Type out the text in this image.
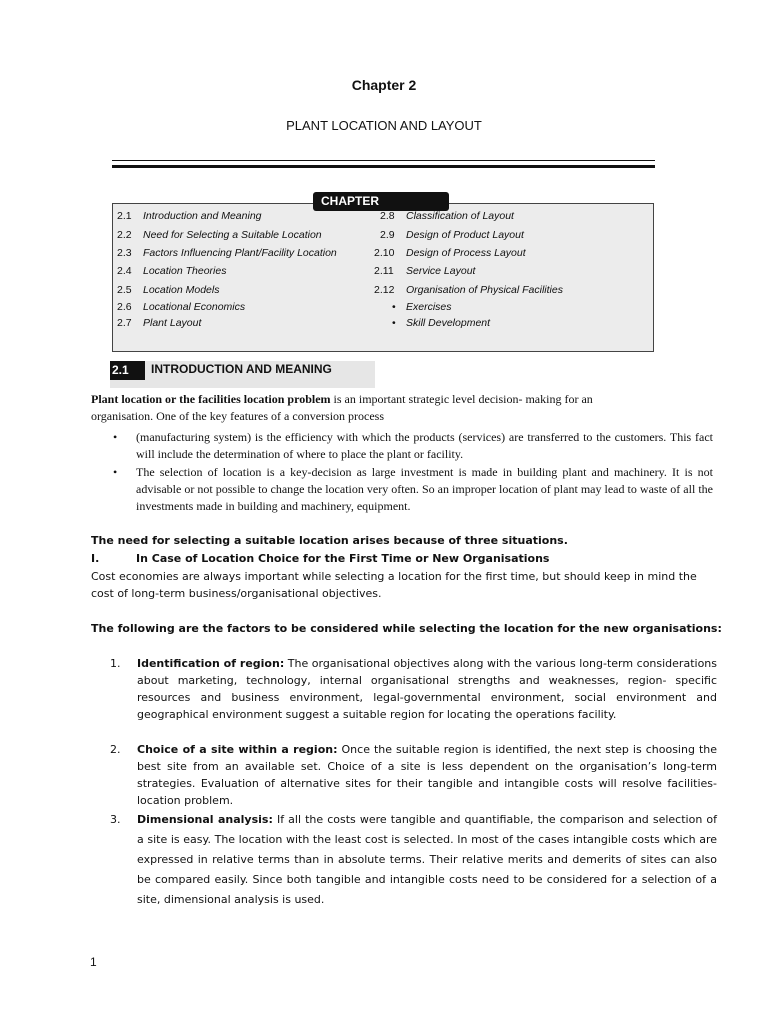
Chapter 2
PLANT LOCATION AND LAYOUT
CHAPTER
2.1 Introduction and Meaning
2.2 Need for Selecting a Suitable Location
2.3 Factors Influencing Plant/Facility Location
2.4 Location Theories
2.5 Location Models
2.6 Locational Economics
2.7 Plant Layout
2.8 Classification of Layout
2.9 Design of Product Layout
2.10 Design of Process Layout
2.11 Service Layout
2.12 Organisation of Physical Facilities
• Exercises
• Skill Development
2.1	INTRODUCTION AND MEANING
Plant location or the facilities location problem is an important strategic level decision- making for an
organisation. One of the key features of a conversion process
• (manufacturing system) is the efficiency with which the products (services) are transferred to the customers. This fact will include the determination of where to place the plant or facility.
• The selection of location is a key-decision as large investment is made in building plant and machinery. It is not advisable or not possible to change the location very often. So an improper location of plant may lead to waste of all the investments made in building and machinery, equipment.
The need for selecting a suitable location arises because of three situations.
I.	In Case of Location Choice for the First Time or New Organisations
Cost economies are always important while selecting a location for the first time, but should keep in mind the cost of long-term business/organisational objectives.
The following are the factors to be considered while selecting the location for the new organisations:
1. Identification of region: The organisational objectives along with the various long-term considerations about marketing, technology, internal organisational strengths and weaknesses, region- specific resources and business environment, legal-governmental environment, social environment and geographical environment suggest a suitable region for locating the operations facility.
2. Choice of a site within a region: Once the suitable region is identified, the next step is choosing the best site from an available set. Choice of a site is less dependent on the organisation’s long-term strategies. Evaluation of alternative sites for their tangible and intangible costs will resolve facilities-location problem.
3. Dimensional analysis: If all the costs were tangible and quantifiable, the comparison and selection of a site is easy. The location with the least cost is selected. In most of the cases intangible costs which are expressed in relative terms than in absolute terms. Their relative merits and demerits of sites can also be compared easily. Since both tangible and intangible costs need to be considered for a selection of a site, dimensional analysis is used.
1
